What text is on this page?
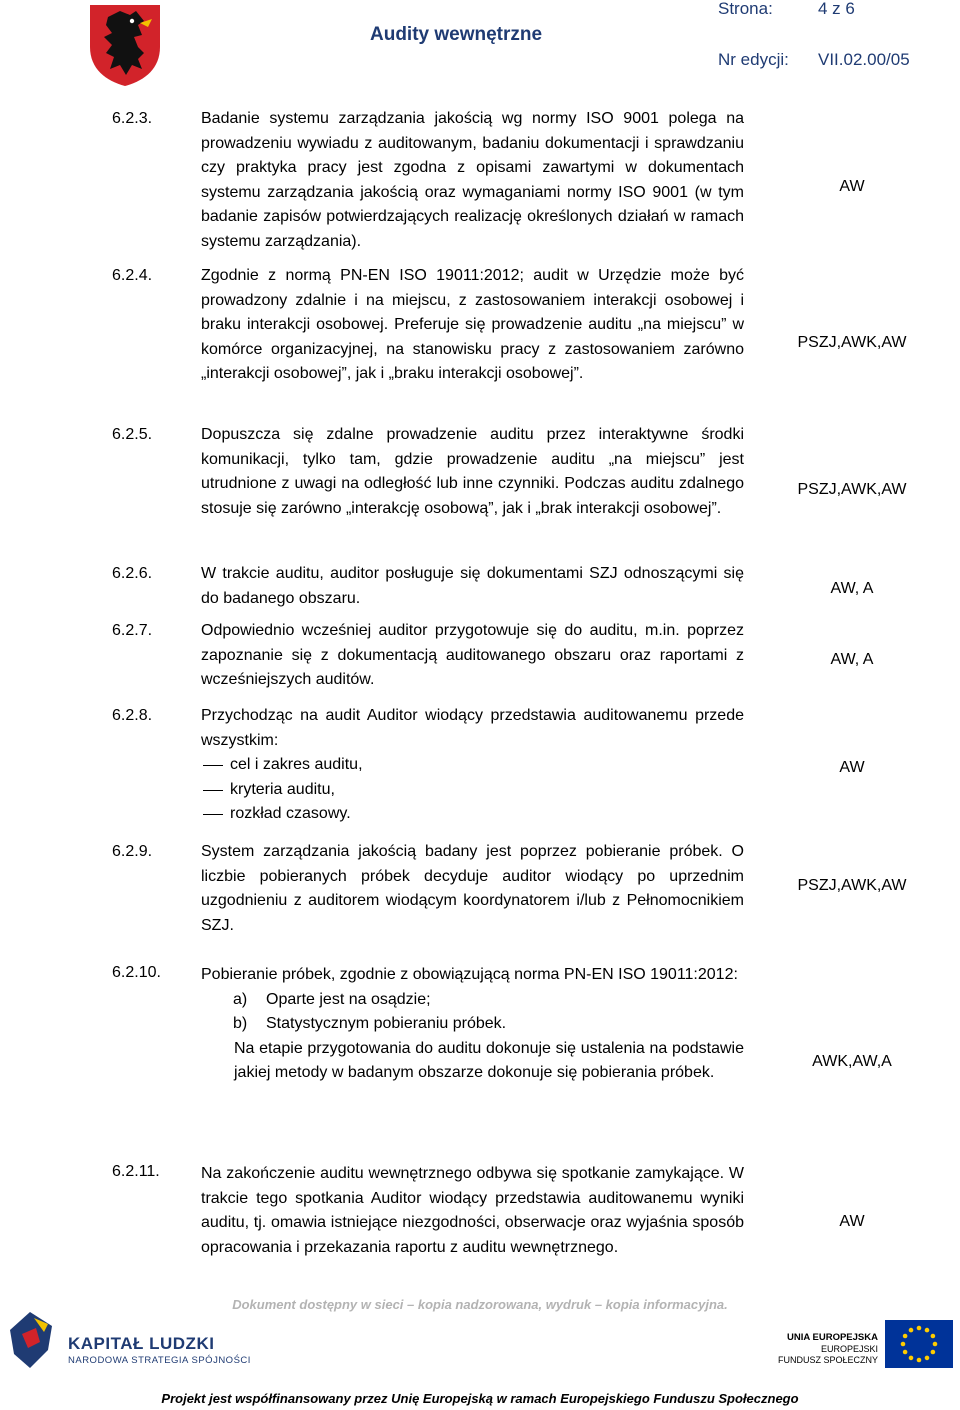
Audity wewnętrzne
Strona:	4 z 6
Nr edycji: VII.02.00/05
6.2.3.	Badanie systemu zarządzania jakością wg normy ISO 9001 polega na prowadzeniu wywiadu z auditowanym, badaniu dokumentacji i sprawdzaniu czy praktyka pracy jest zgodna z opisami zawartymi w dokumentach systemu zarządzania jakością oraz wymaganiami normy ISO 9001 (w tym badanie zapisów potwierdzających realizację określonych działań w ramach systemu zarządzania).
AW
6.2.4.	Zgodnie z normą PN-EN ISO 19011:2012; audit w Urzędzie może być prowadzony zdalnie i na miejscu, z zastosowaniem interakcji osobowej i braku interakcji osobowej. Preferuje się prowadzenie auditu „na miejscu” w komórce organizacyjnej, na stanowisku pracy z zastosowaniem zarówno „interakcji osobowej”, jak i „braku interakcji osobowej”.
PSZJ,AWK,AW
6.2.5.	Dopuszcza się zdalne prowadzenie auditu przez interaktywne środki komunikacji, tylko tam, gdzie prowadzenie auditu „na miejscu” jest utrudnione z uwagi na odległość lub inne czynniki. Podczas auditu zdalnego stosuje się zarówno „interakcję osobową”, jak i „brak interakcji osobowej”.
PSZJ,AWK,AW
6.2.6.	W trakcie auditu, auditor posługuje się dokumentami SZJ odnoszącymi się do badanego obszaru.
AW, A
6.2.7.	Odpowiednio wcześniej auditor przygotowuje się do auditu, m.in. poprzez zapoznanie się z dokumentacją auditowanego obszaru oraz raportami z wcześniejszych auditów.
AW, A
6.2.8.	Przychodząc na audit Auditor wiodący przedstawia auditowanemu przede wszystkim:
cel i zakres auditu,
kryteria auditu,
rozkład czasowy.
AW
6.2.9.	System zarządzania jakością badany jest poprzez pobieranie próbek. O liczbie pobieranych próbek decyduje auditor wiodący po uprzednim uzgodnieniu z auditorem wiodącym koordynatorem i/lub z Pełnomocnikiem SZJ.
PSZJ,AWK,AW
6.2.10.	Pobieranie próbek, zgodnie z obowiązującą norma PN-EN ISO 19011:2012:
a) Oparte jest na osądzie;
b) Statystycznym pobieraniu próbek.
Na etapie przygotowania do auditu dokonuje się ustalenia na podstawie jakiej metody w badanym obszarze dokonuje się pobierania próbek.
AWK,AW,A
6.2.11.	Na zakończenie auditu wewnętrznego odbywa się spotkanie zamykające. W trakcie tego spotkania Auditor wiodący przedstawia auditowanemu wyniki auditu, tj. omawia istniejące niezgodności, obserwacje oraz wyjaśnia sposób opracowania i przekazania raportu z auditu wewnętrznego.
AW
Dokument dostępny w sieci – kopia nadzorowana, wydruk – kopia informacyjna.
KAPITAŁ LUDZKI
NARODOWA STRATEGIA SPÓJNOŚCI
UNIA EUROPEJSKA
EUROPEJSKI
FUNDUSZ SPOŁECZNY
Projekt jest współfinansowany przez Unię Europejską w ramach Europejskiego Funduszu Społecznego
